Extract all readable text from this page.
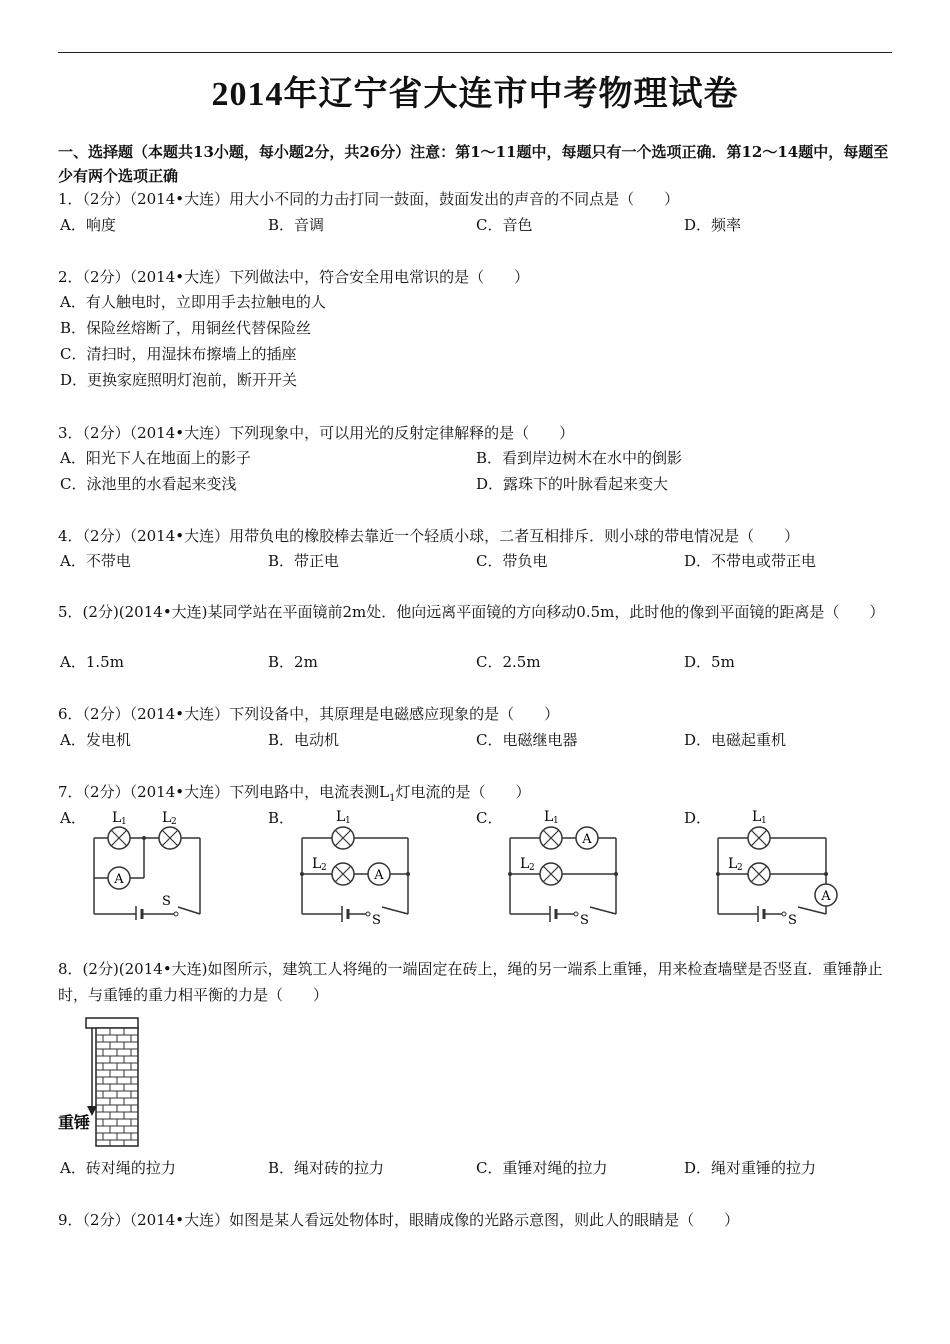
2014年辽宁省大连市中考物理试卷
一、选择题（本题共13小题，每小题2分，共26分）注意：第1～11题中，每题只有一个选项正确．第12～14题中，每题至少有两个选项正确
1．（2分）（2014•大连）用大小不同的力击打同一鼓面，鼓面发出的声音的不同点是（　　）
A．响度	B．音调	C．音色	D．频率
2．（2分）（2014•大连）下列做法中，符合安全用电常识的是（　　）
A．有人触电时，立即用手去拉触电的人
B．保险丝熔断了，用铜丝代替保险丝
C．清扫时，用湿抹布擦墙上的插座
D．更换家庭照明灯泡前，断开开关
3．（2分）（2014•大连）下列现象中，可以用光的反射定律解释的是（　　）
A．阳光下人在地面上的影子	B．看到岸边树木在水中的倒影
C．泳池里的水看起来变浅	D．露珠下的叶脉看起来变大
4．（2分）（2014•大连）用带负电的橡胶棒去靠近一个轻质小球，二者互相排斥．则小球的带电情况是（　　）
A．不带电	B．带正电	C．带负电	D．不带电或带正电
5．(2分)(2014•大连)某同学站在平面镜前2m处．他向远离平面镜的方向移动0.5m，此时他的像到平面镜的距离是（　　）
A．1.5m	B．2m	C．2.5m	D．5m
6．（2分）（2014•大连）下列设备中，其原理是电磁感应现象的是（　　）
A．发电机	B．电动机	C．电磁继电器	D．电磁起重机
7．（2分）（2014•大连）下列电路中，电流表测$L_1$灯电流的是（　　）
A．	B．	C．	D．
A
L 1	L 2
S
A
L 1
L 2
S
A
L 1
L 2
S
A
L 1
L 2
S
8．(2分)(2014•大连)如图所示，建筑工人将绳的一端固定在砖上，绳的另一端系上重锤，用来检查墙壁是否竖直．重锤静止时，与重锤的重力相平衡的力是（　　）
重锤
A．砖对绳的拉力	B．绳对砖的拉力	C．重锤对绳的拉力	D．绳对重锤的拉力
9．（2分）（2014•大连）如图是某人看远处物体时，眼睛成像的光路示意图，则此人的眼睛是（　　）
